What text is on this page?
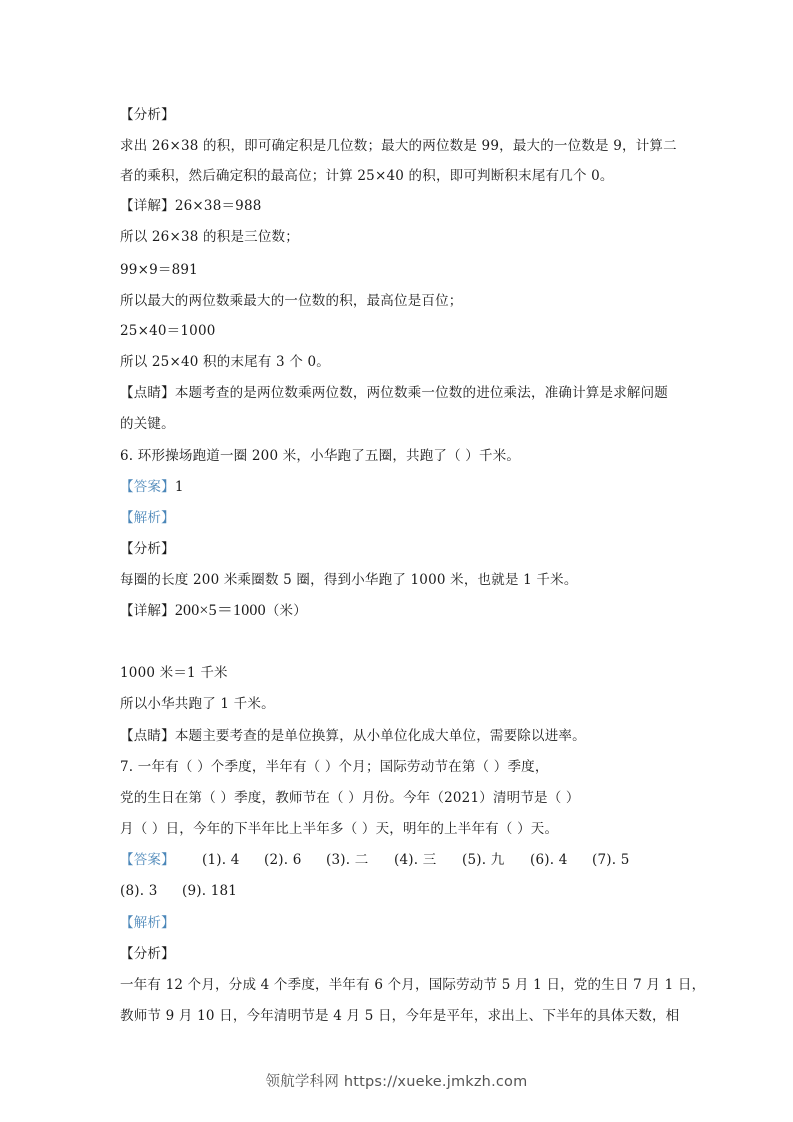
【分析】
求出 26×38 的积，即可确定积是几位数；最大的两位数是 99，最大的一位数是 9，计算二
者的乘积，然后确定积的最高位；计算 25×40 的积，即可判断积末尾有几个 0。
【详解】26×38＝988
所以 26×38 的积是三位数；
99×9＝891
所以最大的两位数乘最大的一位数的积，最高位是百位；
25×40＝1000
所以 25×40 积的末尾有 3 个 0。
【点睛】本题考查的是两位数乘两位数，两位数乘一位数的进位乘法，准确计算是求解问题
的关键。
6. 环形操场跑道一圈 200 米，小华跑了五圈，共跑了（ ）千米。
【答案】1
【解析】
【分析】
每圈的长度 200 米乘圈数 5 圈，得到小华跑了 1000 米，也就是 1 千米。
【详解】200×5＝1000（米）
1000 米＝1 千米
所以小华共跑了 1 千米。
【点睛】本题主要考查的是单位换算，从小单位化成大单位，需要除以进率。
7. 一年有（ ）个季度，半年有（ ）个月；国际劳动节在第（ ）季度，
党的生日在第（ ）季度，教师节在（ ）月份。今年（2021）清明节是（ ）
月（ ）日，今年的下半年比上半年多（ ）天，明年的上半年有（ ）天。
【答案】 (1). 4 (2). 6 (3). 二 (4). 三 (5). 九 (6). 4 (7). 5
(8). 3 (9). 181
【解析】
【分析】
一年有 12 个月，分成 4 个季度，半年有 6 个月，国际劳动节 5 月 1 日，党的生日 7 月 1 日，
教师节 9 月 10 日，今年清明节是 4 月 5 日，今年是平年，求出上、下半年的具体天数，相
领航学科网 https://xueke.jmkzh.com
